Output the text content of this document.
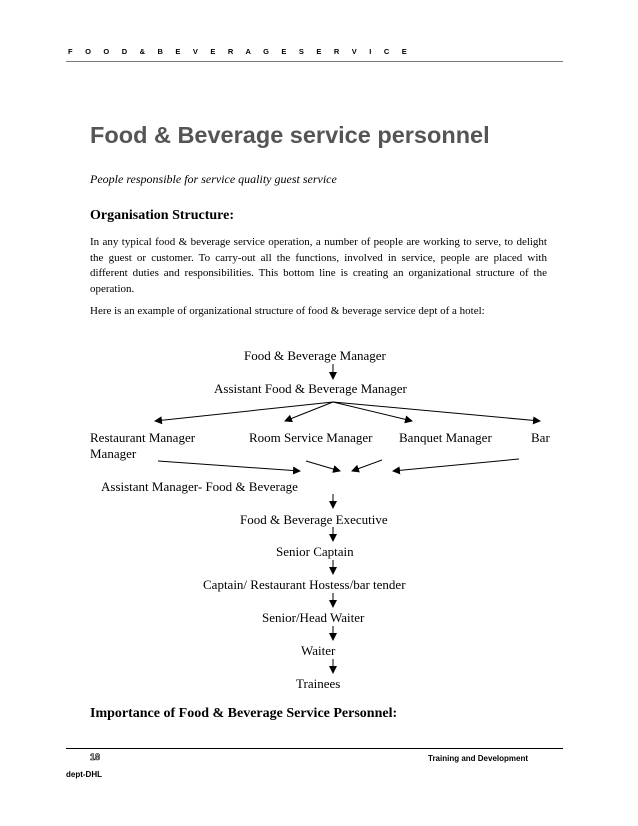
F O O D & B E V E R A G E S E R V I C E
Food & Beverage service personnel
People responsible for service quality guest service
Organisation Structure:
In any typical food & beverage service operation, a number of people are working to serve, to delight the guest or customer. To carry-out all the functions, involved in service, people are placed with different duties and responsibilities. This bottom line is creating an organizational structure of the operation.
Here is an example of organizational structure of food & beverage service dept of a hotel:
Food & Beverage Manager
Assistant Food & Beverage Manager
Restaurant Manager
Manager
Room Service Manager Banquet Manager	Bar
Assistant Manager- Food & Beverage
Food & Beverage Executive
Senior Captain
Captain/ Restaurant Hostess/bar tender
Senior/Head Waiter
Waiter
Trainees
Importance of Food & Beverage Service Personnel:
18	Training and Development
dept-DHL
